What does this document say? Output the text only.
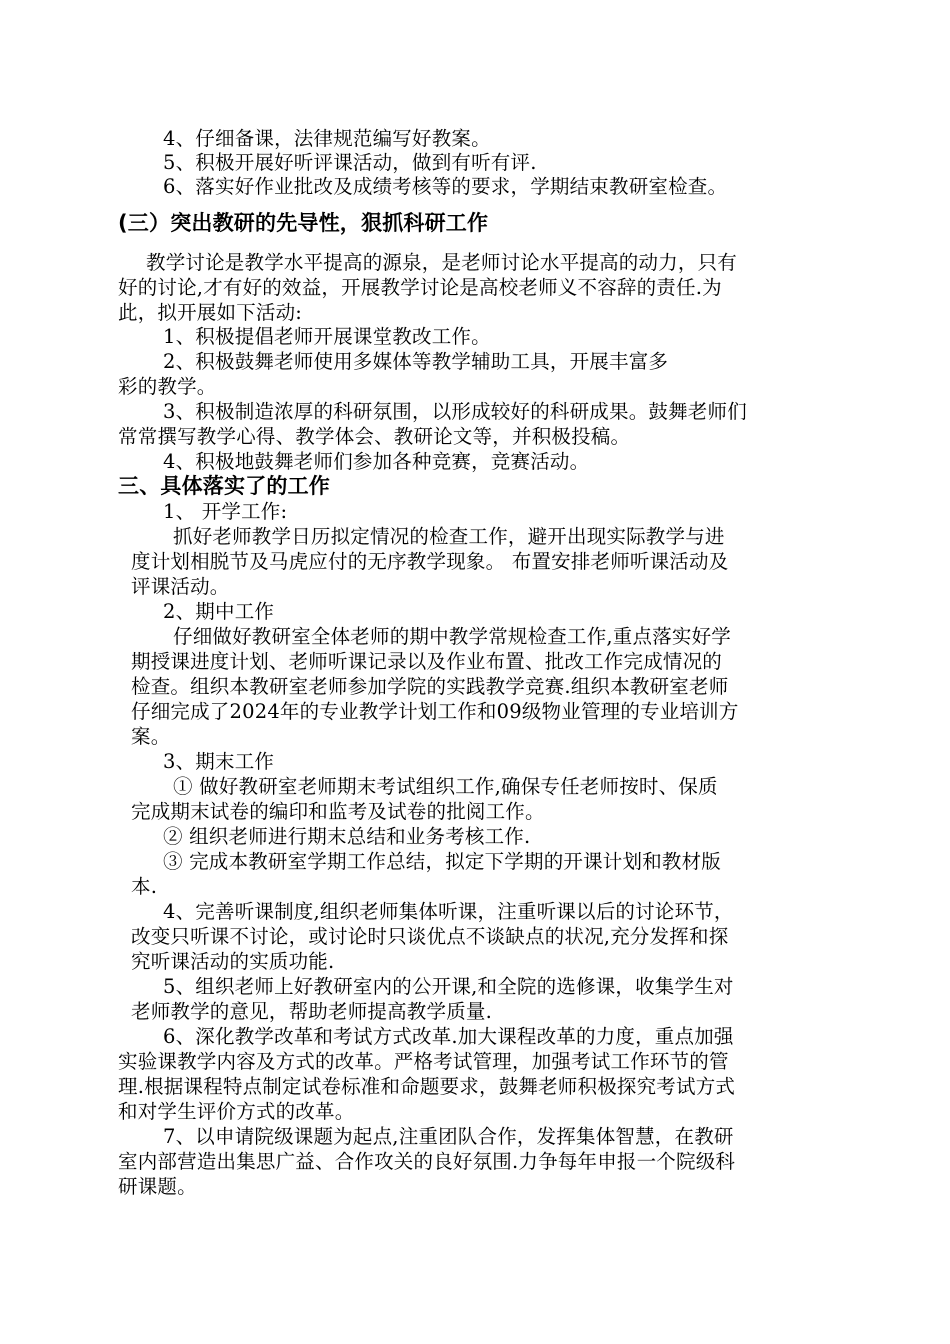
4、仔细备课，法律规范编写好教案。
5、积极开展好听评课活动，做到有听有评.
6、落实好作业批改及成绩考核等的要求，学期结束教研室检查。
(三）突出教研的先导性，狠抓科研工作
教学讨论是教学水平提高的源泉，是老师讨论水平提高的动力，只有
好的讨论,才有好的效益，开展教学讨论是高校老师义不容辞的责任.为
此，拟开展如下活动:
1、积极提倡老师开展课堂教改工作。
2、积极鼓舞老师使用多媒体等教学辅助工具，开展丰富多
彩的教学。
3、积极制造浓厚的科研氛围，以形成较好的科研成果。鼓舞老师们
常常撰写教学心得、教学体会、教研论文等，并积极投稿。
4、积极地鼓舞老师们参加各种竞赛，竞赛活动。
三、具体落实了的工作
1、 开学工作:
抓好老师教学日历拟定情况的检查工作，避开出现实际教学与进
度计划相脱节及马虎应付的无序教学现象。 布置安排老师听课活动及
评课活动。
2、期中工作
仔细做好教研室全体老师的期中教学常规检查工作,重点落实好学
期授课进度计划、老师听课记录以及作业布置、批改工作完成情况的
检查。组织本教研室老师参加学院的实践教学竞赛.组织本教研室老师
仔细完成了2024年的专业教学计划工作和09级物业管理的专业培训方
案。
3、期末工作
① 做好教研室老师期末考试组织工作,确保专任老师按时、保质
完成期末试卷的编印和监考及试卷的批阅工作。
② 组织老师进行期末总结和业务考核工作.
③ 完成本教研室学期工作总结，拟定下学期的开课计划和教材版
本.
4、完善听课制度,组织老师集体听课，注重听课以后的讨论环节，
改变只听课不讨论，或讨论时只谈优点不谈缺点的状况,充分发挥和探
究听课活动的实质功能.
5、组织老师上好教研室内的公开课,和全院的选修课，收集学生对
老师教学的意见，帮助老师提高教学质量.
6、深化教学改革和考试方式改革.加大课程改革的力度，重点加强
实验课教学内容及方式的改革。严格考试管理，加强考试工作环节的管
理.根据课程特点制定试卷标准和命题要求，鼓舞老师积极探究考试方式
和对学生评价方式的改革。
7、以申请院级课题为起点,注重团队合作，发挥集体智慧，在教研
室内部营造出集思广益、合作攻关的良好氛围.力争每年申报一个院级科
研课题。
